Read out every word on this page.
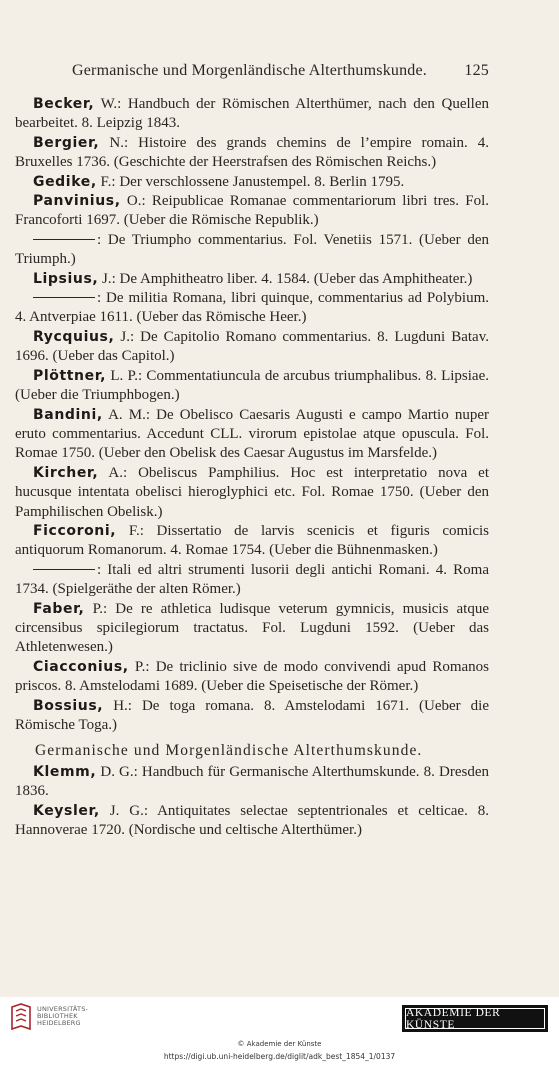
Germanische und Morgenländische Alterthumskunde. 125
Becker, W.: Handbuch der Römischen Alterthümer, nach den Quellen bearbeitet. 8. Leipzig 1843.
Bergier, N.: Histoire des grands chemins de l’empire romain. 4. Bruxelles 1736. (Geschichte der Heerstrafsen des Römischen Reichs.)
Gedike, F.: Der verschlossene Janustempel. 8. Berlin 1795.
Panvinius, O.: Reipublicae Romanae commentariorum libri tres. Fol. Francoforti 1697. (Ueber die Römische Republik.)
: De Triumpho commentarius. Fol. Venetiis 1571. (Ueber den Triumph.)
Lipsius, J.: De Amphitheatro liber. 4. 1584. (Ueber das Amphitheater.)
: De militia Romana, libri quinque, commentarius ad Polybium. 4. Antverpiae 1611. (Ueber das Römische Heer.)
Rycquius, J.: De Capitolio Romano commentarius. 8. Lugduni Batav. 1696. (Ueber das Capitol.)
Plöttner, L. P.: Commentatiuncula de arcubus triumphalibus. 8. Lipsiae. (Ueber die Triumphbogen.)
Bandini, A. M.: De Obelisco Caesaris Augusti e campo Martio nuper eruto commentarius. Accedunt CLL. virorum epistolae atque opuscula. Fol. Romae 1750. (Ueber den Obelisk des Caesar Augustus im Marsfelde.)
Kircher, A.: Obeliscus Pamphilius. Hoc est interpretatio nova et hucusque intentata obelisci hieroglyphici etc. Fol. Romae 1750. (Ueber den Pamphilischen Obelisk.)
Ficcoroni, F.: Dissertatio de larvis scenicis et figuris comicis antiquorum Romanorum. 4. Romae 1754. (Ueber die Bühnenmasken.)
: Itali ed altri strumenti lusorii degli antichi Romani. 4. Roma 1734. (Spielgeräthe der alten Römer.)
Faber, P.: De re athletica ludisque veterum gymnicis, musicis atque circensibus spicilegiorum tractatus. Fol. Lugduni 1592. (Ueber das Athletenwesen.)
Ciacconius, P.: De triclinio sive de modo convivendi apud Romanos priscos. 8. Amstelodami 1689. (Ueber die Speisetische der Römer.)
Bossius, H.: De toga romana. 8. Amstelodami 1671. (Ueber die Römische Toga.)
Germanische und Morgenländische Alterthumskunde.
Klemm, D. G.: Handbuch für Germanische Alterthumskunde. 8. Dresden 1836.
Keysler, J. G.: Antiquitates selectae septentrionales et celticae. 8. Hannoverae 1720. (Nordische und celtische Alterthümer.)
UNIVERSITÄTS-
BIBLIOTHEK
HEIDELBERG
AKADEMIE DER KÜNSTE
© Akademie der Künste
https://digi.ub.uni-heidelberg.de/diglit/adk_best_1854_1/0137
